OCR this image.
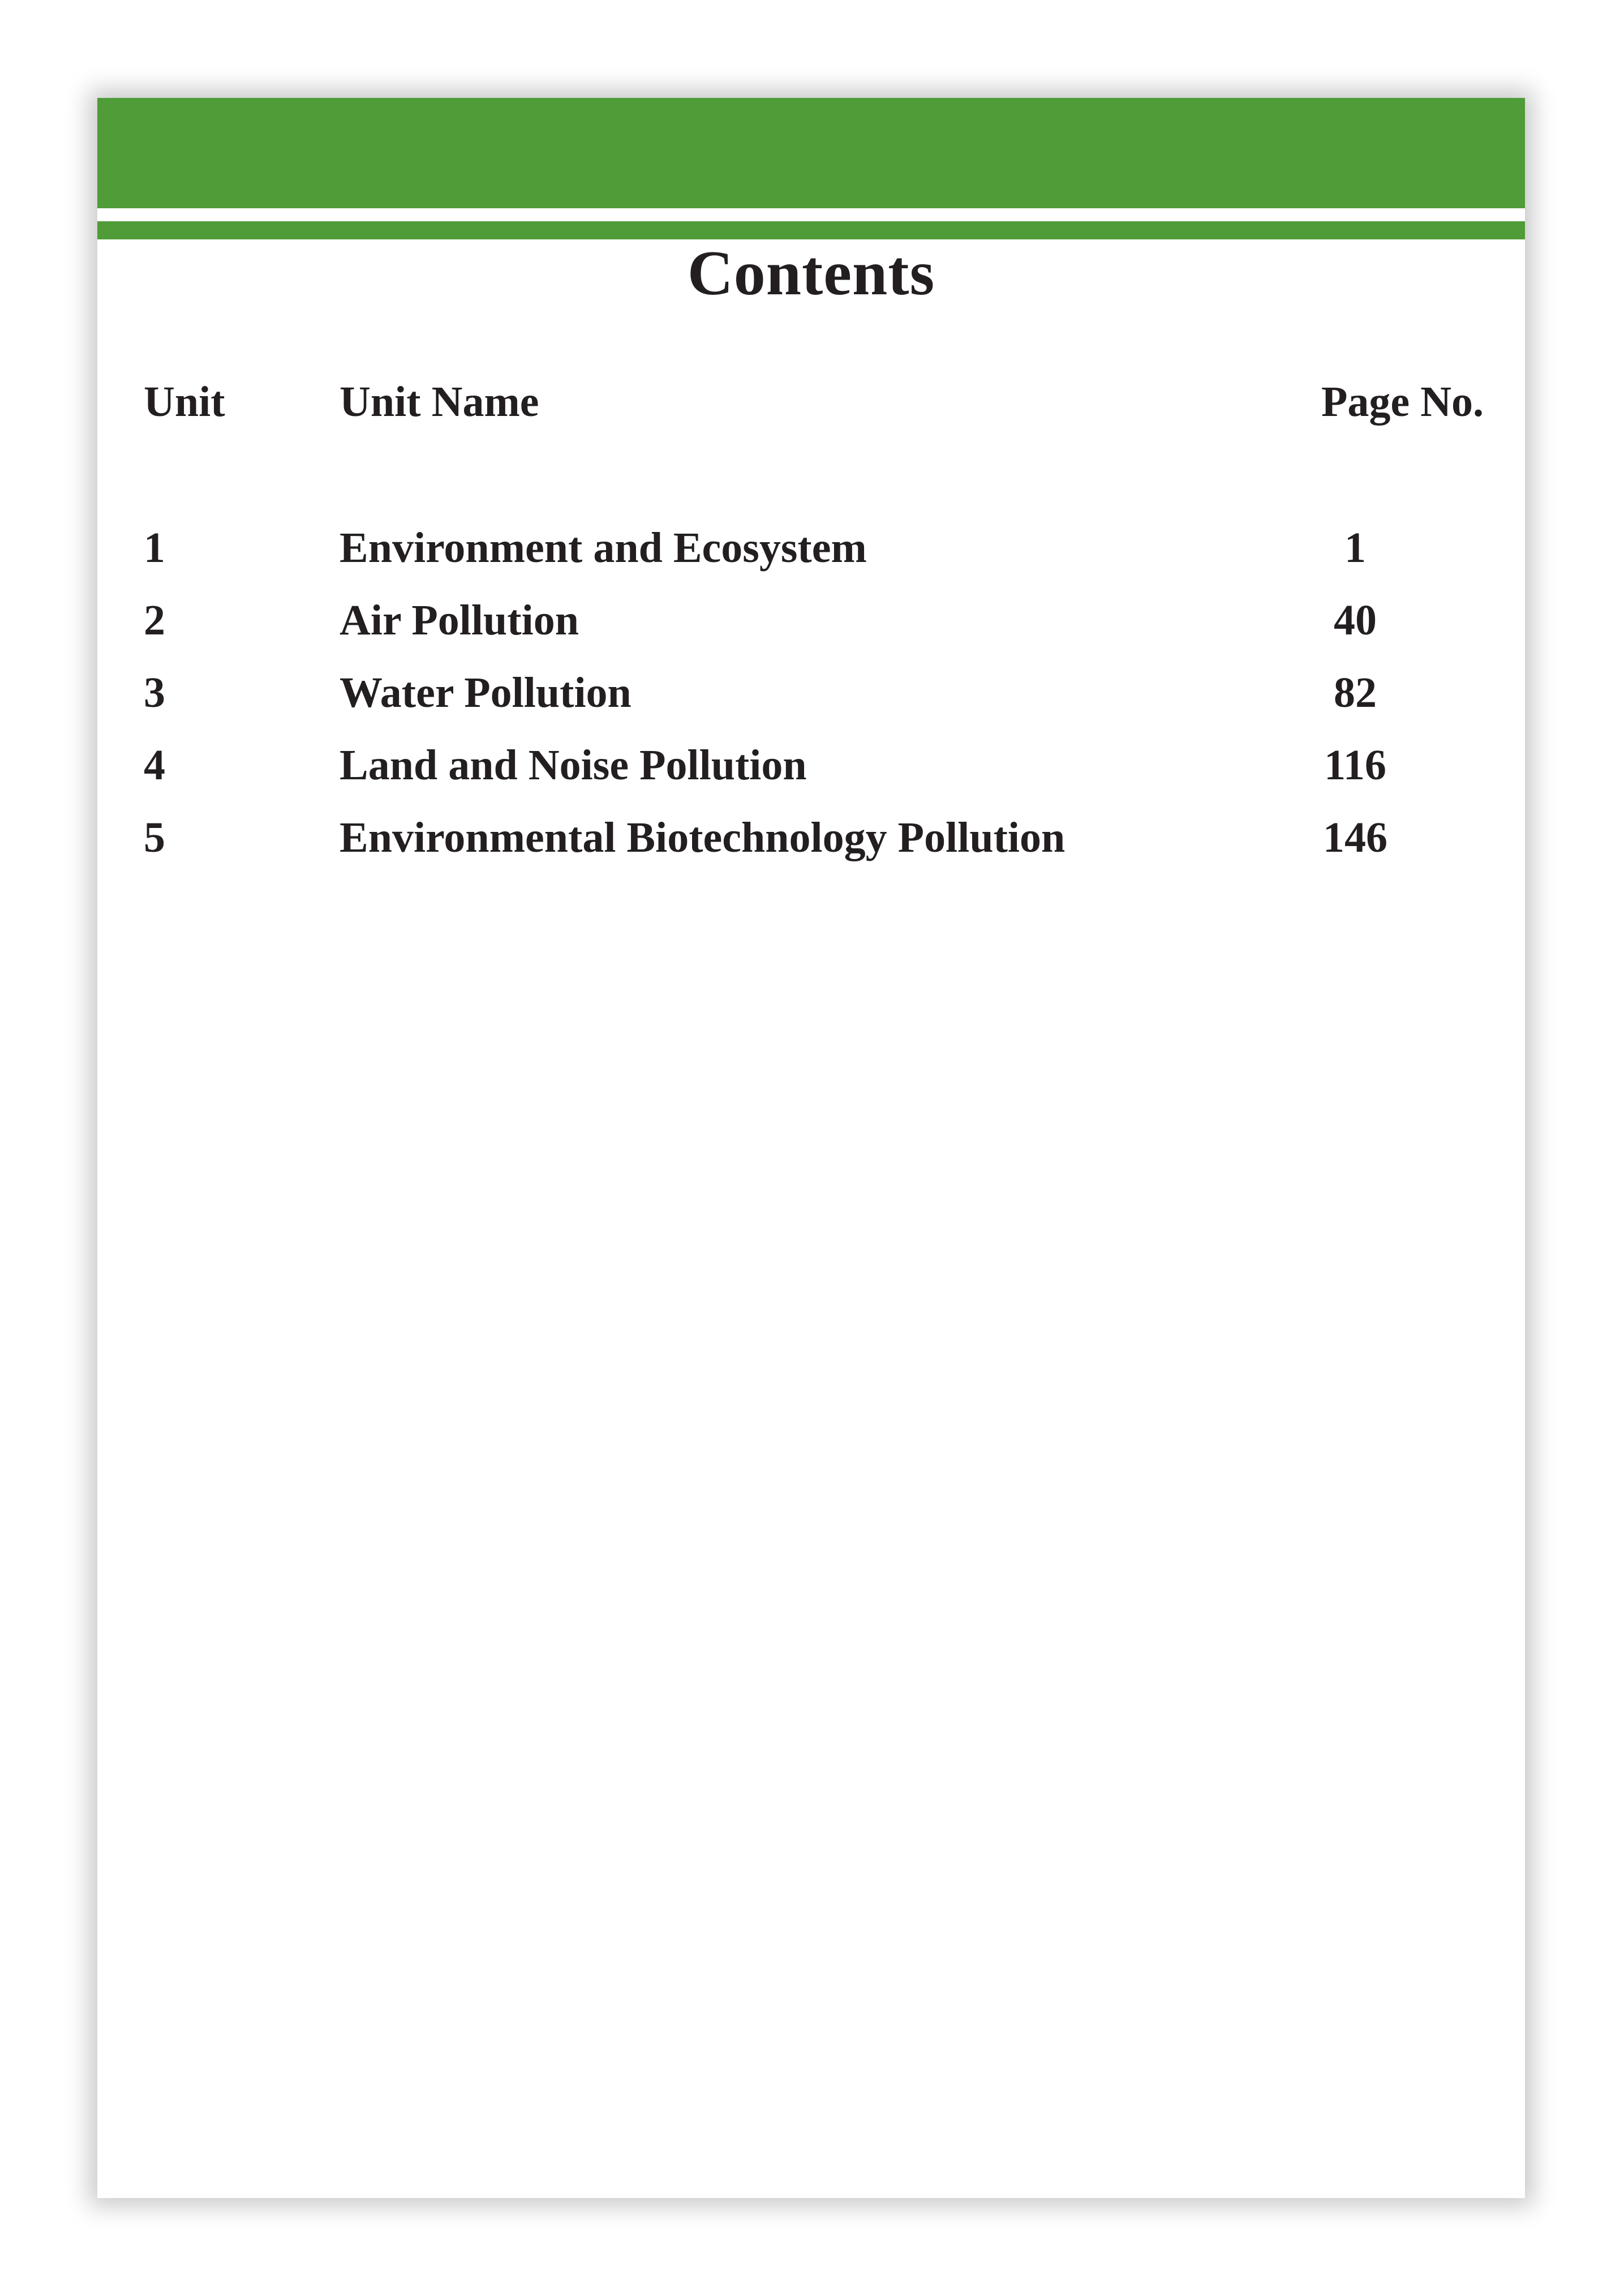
Contents
Unit	Unit Name	Page No.
1	Environment and Ecosystem	1
2	Air Pollution	40
3	Water Pollution	82
4	Land and Noise Pollution	116
5	Environmental Biotechnology Pollution	146
